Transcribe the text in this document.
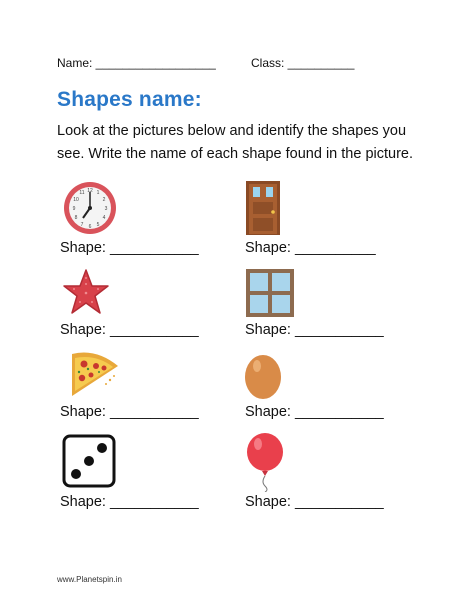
Name: __________________	Class: __________
Shapes name:

Look at the pictures below and identify the shapes you

see. Write the name of each shape found in the picture.

12
3
6
9
1
2
4
5
7
8
10
11
Shape: ___________	Shape: __________
Shape: ___________	Shape: ___________
Shape: ___________	Shape: ___________
Shape: ___________	Shape: ___________
www.Planetspin.in
